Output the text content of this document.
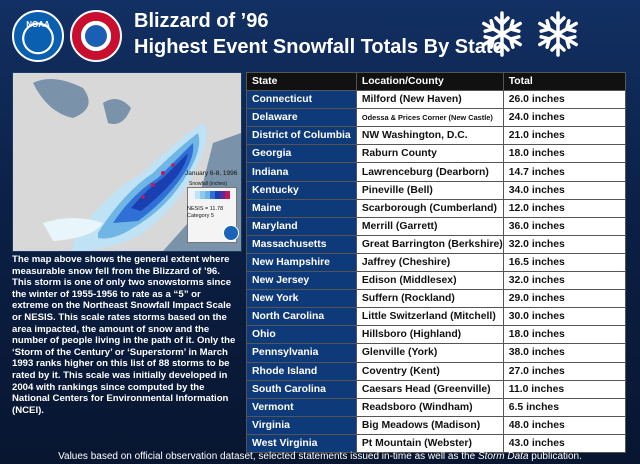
NOAA	Blizzard of ’96
Highest Event Snowfall Totals By State
January 6-8, 1996
Snowfall (inches)
NESIS = 11.78
Category 5

The map above shows the general extent where measurable snow fell from the Blizzard of ’96. This storm is one of only two snowstorms since the winter of 1955-1956 to rate as a “5” or extreme on the Northeast Snowfall Impact Scale or NESIS. This scale rates storms based on the area impacted, the amount of snow and the number of people living in the path of it. Only the ‘Storm of the Century’ or ‘Superstorm’ in March 1993 ranks higher on this list of 88 storms to be rated by it. This scale was initially developed in 2004 with rankings since computed by the National Centers for Environmental Information (NCEI).

State	Location/County	Total
Connecticut	Milford (New Haven)	26.0 inches
Delaware	Odessa & Prices Corner (New Castle)	24.0 inches
District of Columbia	NW Washington, D.C.	21.0 inches
Georgia	Raburn County	18.0 inches
Indiana	Lawrenceburg (Dearborn)	14.7 inches
Kentucky	Pineville (Bell)	34.0 inches
Maine	Scarborough (Cumberland)	12.0 inches
Maryland	Merrill (Garrett)	36.0 inches
Massachusetts	Great Barrington (Berkshire)	32.0 inches
New Hampshire	Jaffrey (Cheshire)	16.5 inches
New Jersey	Edison (Middlesex)	32.0 inches
New York	Suffern (Rockland)	29.0 inches
North Carolina	Little Switzerland (Mitchell)	30.0 inches
Ohio	Hillsboro (Highland)	18.0 inches
Pennsylvania	Glenville (York)	38.0 inches
Rhode Island	Coventry (Kent)	27.0 inches
South Carolina	Caesars Head (Greenville)	11.0 inches
Vermont	Readsboro (Windham)	6.5 inches
Virginia	Big Meadows (Madison)	48.0 inches
West Virginia	Pt Mountain (Webster)	43.0 inches
Values based on official observation dataset, selected statements issued in-time as well as the Storm Data publication.
